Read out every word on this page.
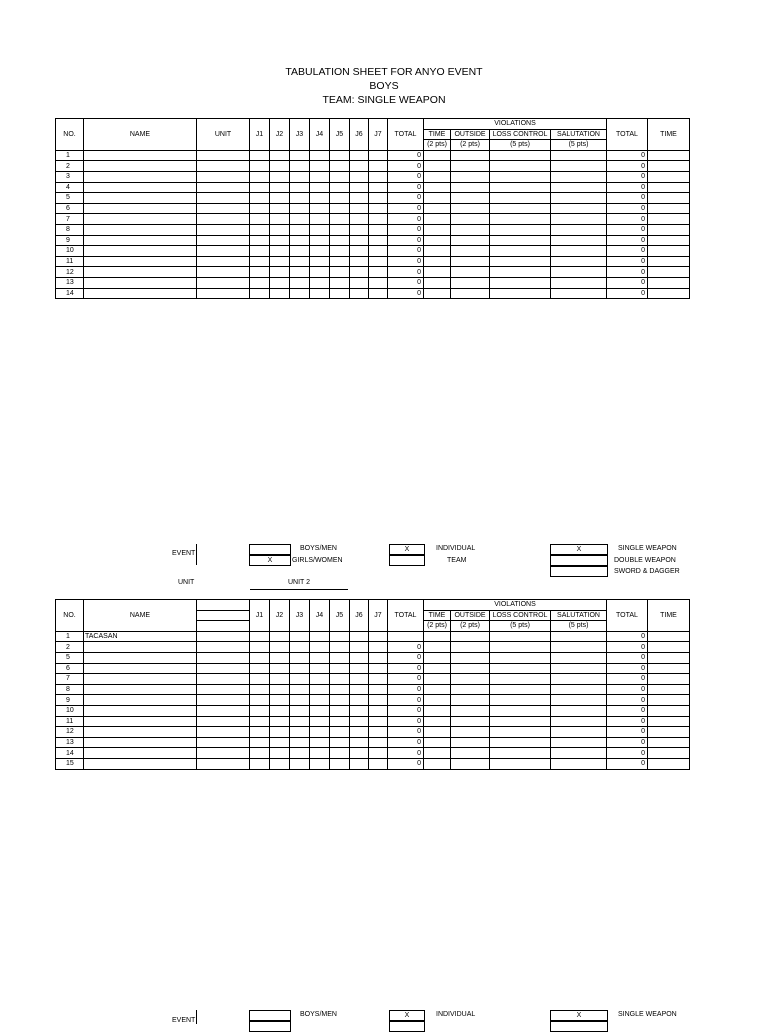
TABULATION SHEET FOR ANYO EVENT
BOYS
TEAM: SINGLE WEAPON
NO.	NAME	UNIT	J1	J2	J3	J4	J5	J6	J7	TOTAL	VIOLATIONS				TOTAL	TIME
											TIME	OUTSIDE	LOSS CONTROL	SALUTATION		
											(2 pts)	(2 pts)	(5 pts)	(5 pts)		
1										0					0	
2										0					0	
3										0					0	
4										0					0	
5										0					0	
6										0					0	
7										0					0	
8										0					0	
9										0					0	
10										0					0	
11										0					0	
12										0					0	
13										0					0	
14										0					0	
EVENT
X
BOYS/MEN
GIRLS/WOMEN
X	INDIVIDUAL
TEAM
X	SINGLE WEAPON
DOUBLE WEAPON
SWORD & DAGGER
UNIT	UNIT 2
NO.	NAME		J1	J2	J3	J4	J5	J6	J7	TOTAL	VIOLATIONS				TOTAL	TIME
											TIME	OUTSIDE	LOSS CONTROL	SALUTATION		
											(2 pts)	(2 pts)	(5 pts)	(5 pts)		
1	TACASAN														0	
2										0					0	
5										0					0	
6										0					0	
7										0					0	
8										0					0	
9										0					0	
10										0					0	
11										0					0	
12										0					0	
13										0					0	
14										0					0	
15										0					0	
EVENT
BOYS/MEN	X	INDIVIDUAL	X	SINGLE WEAPON
